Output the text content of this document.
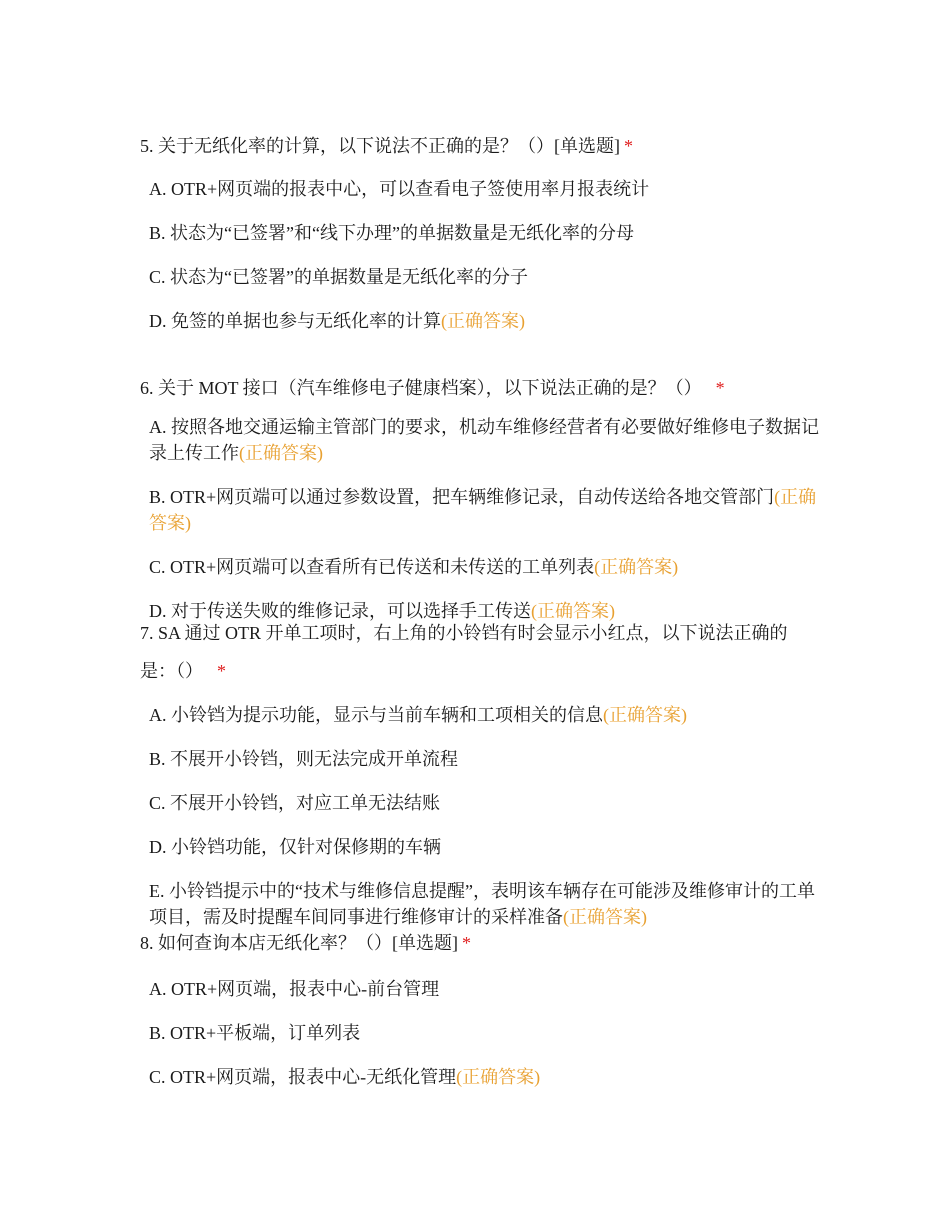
5. 关于无纸化率的计算，以下说法不正确的是？（）[单选题] *

A. OTR+网页端的报表中心，可以查看电子签使用率月报表统计

B. 状态为“已签署”和“线下办理”的单据数量是无纸化率的分母

C. 状态为“已签署”的单据数量是无纸化率的分子

D. 免签的单据也参与无纸化率的计算(正确答案)

6. 关于 MOT 接口（汽车维修电子健康档案），以下说法正确的是？（） *

A. 按照各地交通运输主管部门的要求，机动车维修经营者有必要做好维修电子数据记录上传工作(正确答案)

B. OTR+网页端可以通过参数设置，把车辆维修记录，自动传送给各地交管部门(正确答案)

C. OTR+网页端可以查看所有已传送和未传送的工单列表(正确答案)

D. 对于传送失败的维修记录，可以选择手工传送(正确答案)

7. SA 通过 OTR 开单工项时，右上角的小铃铛有时会显示小红点，以下说法正确的是：（） *

A. 小铃铛为提示功能，显示与当前车辆和工项相关的信息(正确答案)

B. 不展开小铃铛，则无法完成开单流程

C. 不展开小铃铛，对应工单无法结账

D. 小铃铛功能，仅针对保修期的车辆

E. 小铃铛提示中的“技术与维修信息提醒”，表明该车辆存在可能涉及维修审计的工单项目，需及时提醒车间同事进行维修审计的采样准备(正确答案)

8. 如何查询本店无纸化率？（）[单选题] *

A. OTR+网页端，报表中心-前台管理

B. OTR+平板端，订单列表

C. OTR+网页端，报表中心-无纸化管理(正确答案)
